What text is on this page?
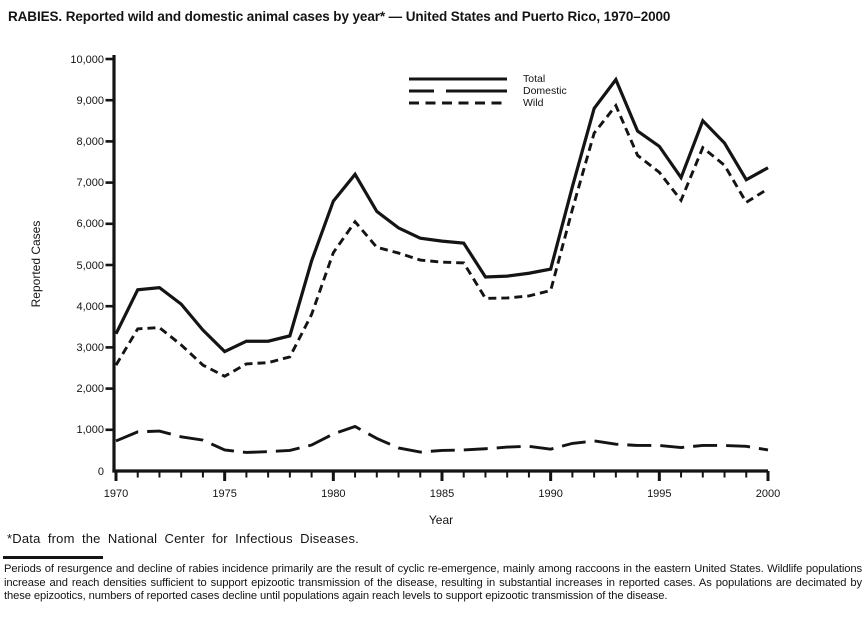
RABIES. Reported wild and domestic animal cases by year* — United States and Puerto Rico, 1970–2000
Reported Cases
0
1,000
2,000
3,000
4,000
5,000
6,000
7,000
8,000
9,000
10,000
1970	1975	1980	1985	1990	1995	2000
Total
Domestic
Wild
Year
*Data from the National Center for Infectious Diseases.
Periods of resurgence and decline of rabies incidence primarily are the result of cyclic re-emergence, mainly among raccoons in the eastern United States. Wildlife populations increase and reach densities sufficient to support epizootic transmission of the disease, resulting in substantial increases in reported cases. As populations are decimated by these epizootics, numbers of reported cases decline until populations again reach levels to support epizootic transmission of the disease.
